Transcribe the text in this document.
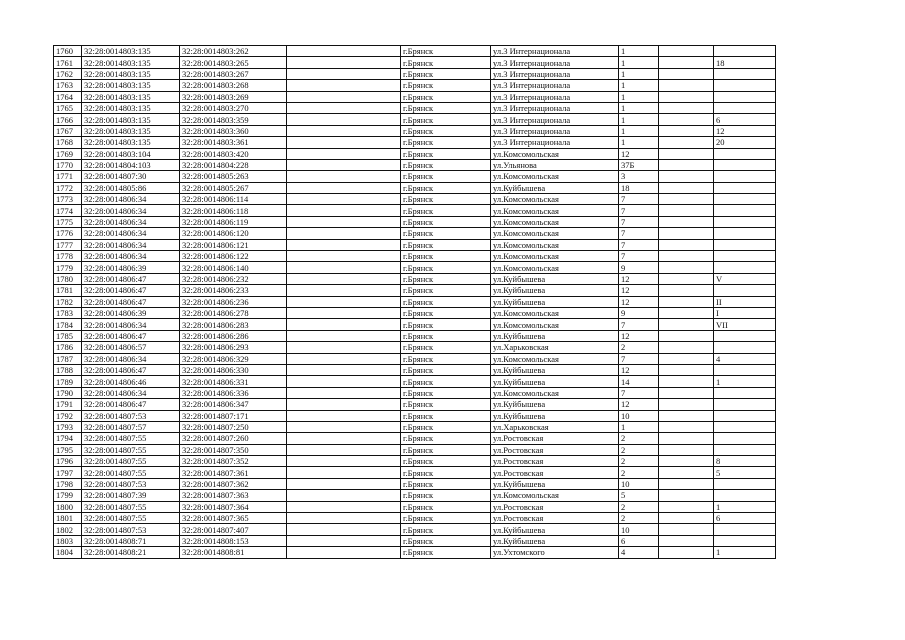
1760	32:28:0014803:135	32:28:0014803:262		г.Брянск	ул.3 Интернационала	1		
1761	32:28:0014803:135	32:28:0014803:265		г.Брянск	ул.3 Интернационала	1		18
1762	32:28:0014803:135	32:28:0014803:267		г.Брянск	ул.3 Интернационала	1		
1763	32:28:0014803:135	32:28:0014803:268		г.Брянск	ул.3 Интернационала	1		
1764	32:28:0014803:135	32:28:0014803:269		г.Брянск	ул.3 Интернационала	1		
1765	32:28:0014803:135	32:28:0014803:270		г.Брянск	ул.3 Интернационала	1		
1766	32:28:0014803:135	32:28:0014803:359		г.Брянск	ул.3 Интернационала	1		6
1767	32:28:0014803:135	32:28:0014803:360		г.Брянск	ул.3 Интернационала	1		12
1768	32:28:0014803:135	32:28:0014803:361		г.Брянск	ул.3 Интернационала	1		20
1769	32:28:0014803:104	32:28:0014803:420		г.Брянск	ул.Комсомольская	12		
1770	32:28:0014804:103	32:28:0014804:228		г.Брянск	ул.Ульянова	37Б		
1771	32:28:0014807:30	32:28:0014805:263		г.Брянск	ул.Комсомольская	3		
1772	32:28:0014805:86	32:28:0014805:267		г.Брянск	ул.Куйбышева	18		
1773	32:28:0014806:34	32:28:0014806:114		г.Брянск	ул.Комсомольская	7		
1774	32:28:0014806:34	32:28:0014806:118		г.Брянск	ул.Комсомольская	7		
1775	32:28:0014806:34	32:28:0014806:119		г.Брянск	ул.Комсомольская	7		
1776	32:28:0014806:34	32:28:0014806:120		г.Брянск	ул.Комсомольская	7		
1777	32:28:0014806:34	32:28:0014806:121		г.Брянск	ул.Комсомольская	7		
1778	32:28:0014806:34	32:28:0014806:122		г.Брянск	ул.Комсомольская	7		
1779	32:28:0014806:39	32:28:0014806:140		г.Брянск	ул.Комсомольская	9		
1780	32:28:0014806:47	32:28:0014806:232		г.Брянск	ул.Куйбышева	12		V
1781	32:28:0014806:47	32:28:0014806:233		г.Брянск	ул.Куйбышева	12		
1782	32:28:0014806:47	32:28:0014806:236		г.Брянск	ул.Куйбышева	12		II
1783	32:28:0014806:39	32:28:0014806:278		г.Брянск	ул.Комсомольская	9		I
1784	32:28:0014806:34	32:28:0014806:283		г.Брянск	ул.Комсомольская	7		VII
1785	32:28:0014806:47	32:28:0014806:286		г.Брянск	ул.Куйбышева	12		
1786	32:28:0014806:57	32:28:0014806:293		г.Брянск	ул.Харьковская	2		
1787	32:28:0014806:34	32:28:0014806:329		г.Брянск	ул.Комсомольская	7		4
1788	32:28:0014806:47	32:28:0014806:330		г.Брянск	ул.Куйбышева	12		
1789	32:28:0014806:46	32:28:0014806:331		г.Брянск	ул.Куйбышева	14		1
1790	32:28:0014806:34	32:28:0014806:336		г.Брянск	ул.Комсомольская	7		
1791	32:28:0014806:47	32:28:0014806:347		г.Брянск	ул.Куйбышева	12		
1792	32:28:0014807:53	32:28:0014807:171		г.Брянск	ул.Куйбышева	10		
1793	32:28:0014807:57	32:28:0014807:250		г.Брянск	ул.Харьковская	1		
1794	32:28:0014807:55	32:28:0014807:260		г.Брянск	ул.Ростовская	2		
1795	32:28:0014807:55	32:28:0014807:350		г.Брянск	ул.Ростовская	2		
1796	32:28:0014807:55	32:28:0014807:352		г.Брянск	ул.Ростовская	2		8
1797	32:28:0014807:55	32:28:0014807:361		г.Брянск	ул.Ростовская	2		5
1798	32:28:0014807:53	32:28:0014807:362		г.Брянск	ул.Куйбышева	10		
1799	32:28:0014807:39	32:28:0014807:363		г.Брянск	ул.Комсомольская	5		
1800	32:28:0014807:55	32:28:0014807:364		г.Брянск	ул.Ростовская	2		1
1801	32:28:0014807:55	32:28:0014807:365		г.Брянск	ул.Ростовская	2		6
1802	32:28:0014807:53	32:28:0014807:407		г.Брянск	ул.Куйбышева	10		
1803	32:28:0014808:71	32:28:0014808:153		г.Брянск	ул.Куйбышева	6		
1804	32:28:0014808:21	32:28:0014808:81		г.Брянск	ул.Ухтомского	4		1
